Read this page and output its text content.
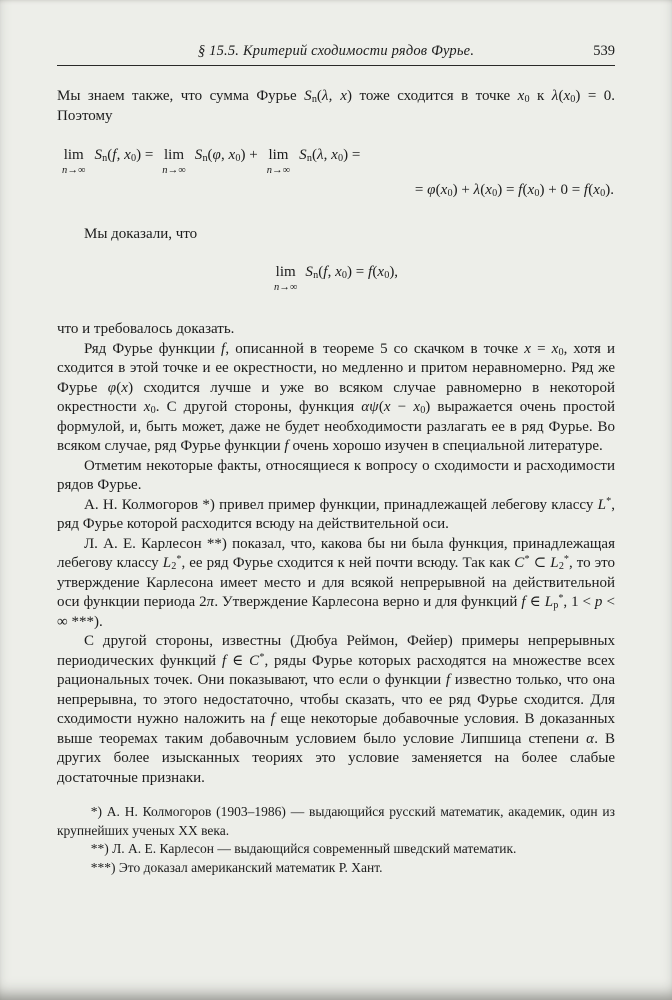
§ 15.5. Критерий сходимости рядов Фурье.	539

Мы знаем также, что сумма Фурье $S_n(\lambda$, x) тоже сходится в точке $x_0$ к $\lambda(x_0) = 0$. Поэтому

lim
n→∞
$S_n(f$, $x_0) = \lim$
n→∞
$S_n(\varphi$, $x_0) + \lim$
n→∞
$S_n(\lambda$, $x_0$) =
= $\varphi(x_0) + \lambda(x_0) = f(x_0) + 0 = f(x_0)$.

Мы доказали, что

lim
n→∞
$S_n(f$, $x_0) = f(x_0)$,

что и требовалось доказать.

Ряд Фурье функции f, описанной в теореме 5 со скачком в точке $x = x_0$, хотя и сходится в этой точке и ее окрестности, но медленно и притом неравномерно. Ряд же Фурье φ(x) сходится лучше и уже во всяком случае равномерно в некоторой окрестности $x_0$. С другой стороны, функция $\alpha\psi(x - x_0)$ выражается очень простой формулой, и, быть может, даже не будет необходимости разлагать ее в ряд Фурье. Во всяком случае, ряд Фурье функции f очень хорошо изучен в специальной литературе.

Отметим некоторые факты, относящиеся к вопросу о сходимости и расходимости рядов Фурье.

А. Н. Колмогоров *) привел пример функции, принадлежащей лебегову классу L*, ряд Фурье которой расходится всюду на действительной оси.

Л. А. Е. Карлесон **) показал, что, какова бы ни была функция, принадлежащая лебегову классу $L_2^*$, ее ряд Фурье сходится к ней почти всюду. Так как C* ⊂ $L_2^*$, то это утверждение Карлесона имеет место и для всякой непрерывной на действительной оси функции периода 2π. Утверждение Карлесона верно и для функций f ∈ $L_p^*$, 1 < p < ∞ ***).

С другой стороны, известны (Дюбуа Реймон, Фейер) примеры непрерывных периодических функций f ∈ C*, ряды Фурье которых расходятся на множестве всех рациональных точек. Они показывают, что если о функции f известно только, что она непрерывна, то этого недостаточно, чтобы сказать, что ее ряд Фурье сходится. Для сходимости нужно наложить на f еще некоторые добавочные условия. В доказанных выше теоремах таким добавочным условием было условие Липшица степени α. В других более изысканных теориях это условие заменяется на более слабые достаточные признаки.

*) А. Н. Колмогоров (1903–1986) — выдающийся русский математик, академик, один из крупнейших ученых XX века.

**) Л. А. Е. Карлесон — выдающийся современный шведский математик.

***) Это доказал американский математик Р. Хант.
